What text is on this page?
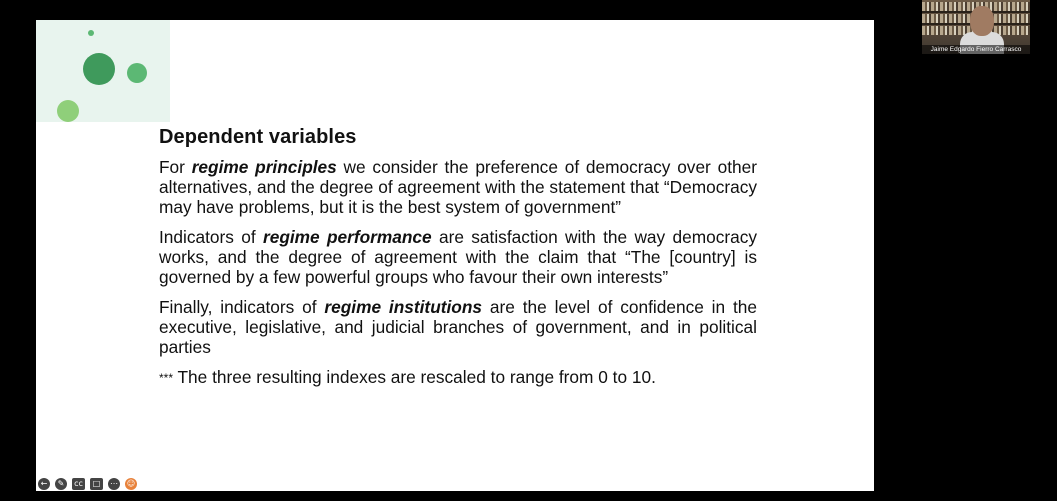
Dependent variables

For regime principles we consider the preference of democracy over other alternatives, and the degree of agreement with the statement that “Democracy may have problems, but it is the best system of government”

Indicators of regime performance are satisfaction with the way democracy works, and the degree of agreement with the claim that “The [country] is governed by a few powerful groups who favour their own interests”

Finally, indicators of regime institutions are the level of confidence in the executive, legislative, and judicial branches of government, and in political parties

*** The three resulting indexes are rescaled to range from 0 to 10.
Jaime Edgardo Fierro Carrasco
←	✎	cc	□	⋯ ☺
